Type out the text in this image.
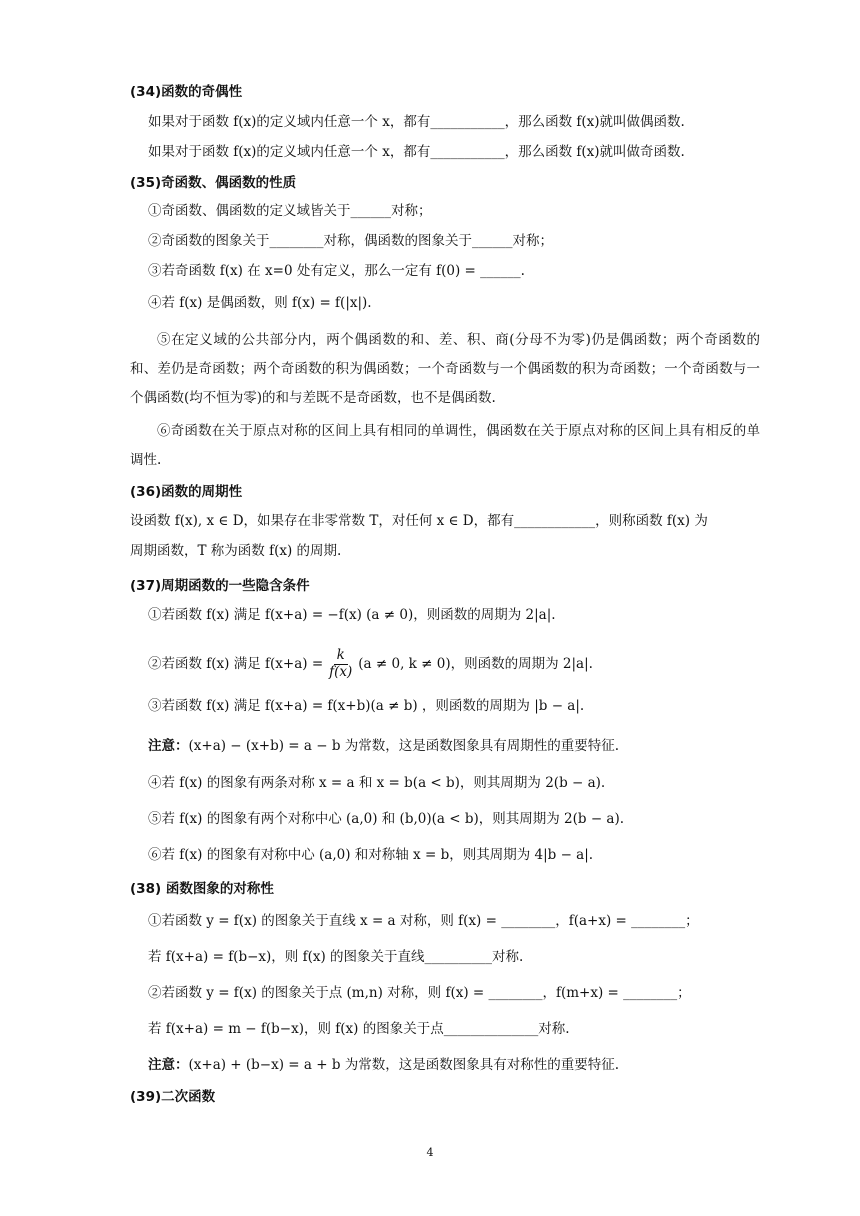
(34)函数的奇偶性
如果对于函数 f(x)的定义域内任意一个 x，都有___________，那么函数 f(x)就叫做偶函数.
如果对于函数 f(x)的定义域内任意一个 x，都有___________，那么函数 f(x)就叫做奇函数.
(35)奇函数、偶函数的性质
①奇函数、偶函数的定义域皆关于______对称；
②奇函数的图象关于________对称，偶函数的图象关于______对称；
③若奇函数 f(x) 在 x=0 处有定义，那么一定有 f(0) = ______.
④若 f(x) 是偶函数，则 f(x) = f(|x|).

⑤在定义域的公共部分内，两个偶函数的和、差、积、商(分母不为零)仍是偶函数；两个奇函数的和、差仍是奇函数；两个奇函数的积为偶函数；一个奇函数与一个偶函数的积为奇函数；一个奇函数与一个偶函数(均不恒为零)的和与差既不是奇函数，也不是偶函数.

⑥奇函数在关于原点对称的区间上具有相同的单调性，偶函数在关于原点对称的区间上具有相反的单调性.

(36)函数的周期性
设函数 f(x), x ∈ D，如果存在非零常数 T，对任何 x ∈ D，都有____________，则称函数 f(x) 为
周期函数，T 称为函数 f(x) 的周期.
(37)周期函数的一些隐含条件
①若函数 f(x) 满足 f(x+a) = −f(x) (a ≠ 0)，则函数的周期为 2|a|.
②若函数 f(x) 满足 $f(x+a) = \frac{k}{f(x)} (a \ne 0$, k ≠ 0)，则函数的周期为 2|a|.
③若函数 f(x) 满足 f(x+a) = f(x+b)(a ≠ b) ，则函数的周期为 |b − a|.
注意：(x+a) − (x+b) = a − b 为常数，这是函数图象具有周期性的重要特征.
④若 f(x) 的图象有两条对称 x = a 和 x = b(a < b)，则其周期为 2(b − a).
⑤若 f(x) 的图象有两个对称中心 (a,0) 和 (b,0)(a < b)，则其周期为 2(b − a).
⑥若 f(x) 的图象有对称中心 (a,0) 和对称轴 x = b，则其周期为 4|b − a|.
(38) 函数图象的对称性
①若函数 y = f(x) 的图象关于直线 x = a 对称，则 f(x) = ________，f(a+x) = ________；
若 f(x+a) = f(b−x)，则 f(x) 的图象关于直线__________对称.
②若函数 y = f(x) 的图象关于点 (m,n) 对称，则 f(x) = ________，f(m+x) = ________；
若 f(x+a) = m − f(b−x)，则 f(x) 的图象关于点______________对称.
注意：(x+a) + (b−x) = a + b 为常数，这是函数图象具有对称性的重要特征.
(39)二次函数
4
